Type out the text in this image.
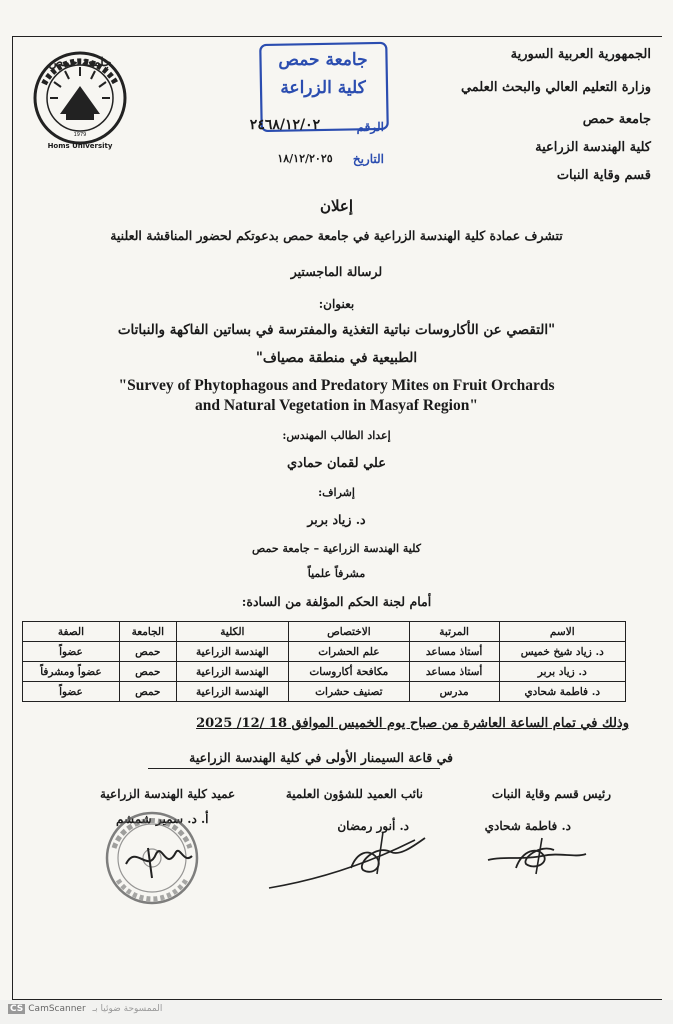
Homs University
1979
جامعة حمص	جامعة حمص
كلية الزراعة
الرقم
٢٤٦٨/١٢/٠٢
التاريخ
١٨/١٢/٢٠٢٥
الجمهورية العربية السورية
وزارة التعليم العالي والبحث العلمي
جامعة حمص
كلية الهندسة الزراعية
قسم وقاية النبات
إعلان
تتشرف عمادة كلية الهندسة الزراعية في جامعة حمص بدعوتكم لحضور المناقشة العلنية
لرسالة الماجستير
بعنوان:
"التقصي عن الأكاروسات نباتية التغذية والمفترسة في بساتين الفاكهة والنباتات
الطبيعية في منطقة مصياف"
"Survey of Phytophagous and Predatory Mites on Fruit Orchards
and Natural Vegetation in Masyaf Region"
إعداد الطالب المهندس:
علي لقمان حمادي
إشراف:
د. زياد بربر
كلية الهندسة الزراعية – جامعة حمص
مشرفاً علمياً
أمام لجنة الحكم المؤلفة من السادة:
الاسم	المرتبة	الاختصاص	الكلية	الجامعة	الصفة
د. زياد شيخ خميس	أستاذ مساعد	علم الحشرات	الهندسة الزراعية	حمص	عضواً
د. زياد بربر	أستاذ مساعد	مكافحة أكاروسات	الهندسة الزراعية	حمص	عضواً ومشرفاً
د. فاطمة شحادي	مدرس	تصنيف حشرات	الهندسة الزراعية	حمص	عضواً
وذلك في تمام الساعة العاشرة من صباح يوم الخميس الموافق 18 /12/ 2025
في قاعة السيمنار الأولى في كلية الهندسة الزراعية
رئيس قسم وقاية النبات
نائب العميد للشؤون العلمية
عميد كلية الهندسة الزراعية
د. فاطمة شحادي
د. أنور رمضان
أ. د. سمير شمشم
CS CamScanner الممسوحة ضوئيا بـ
